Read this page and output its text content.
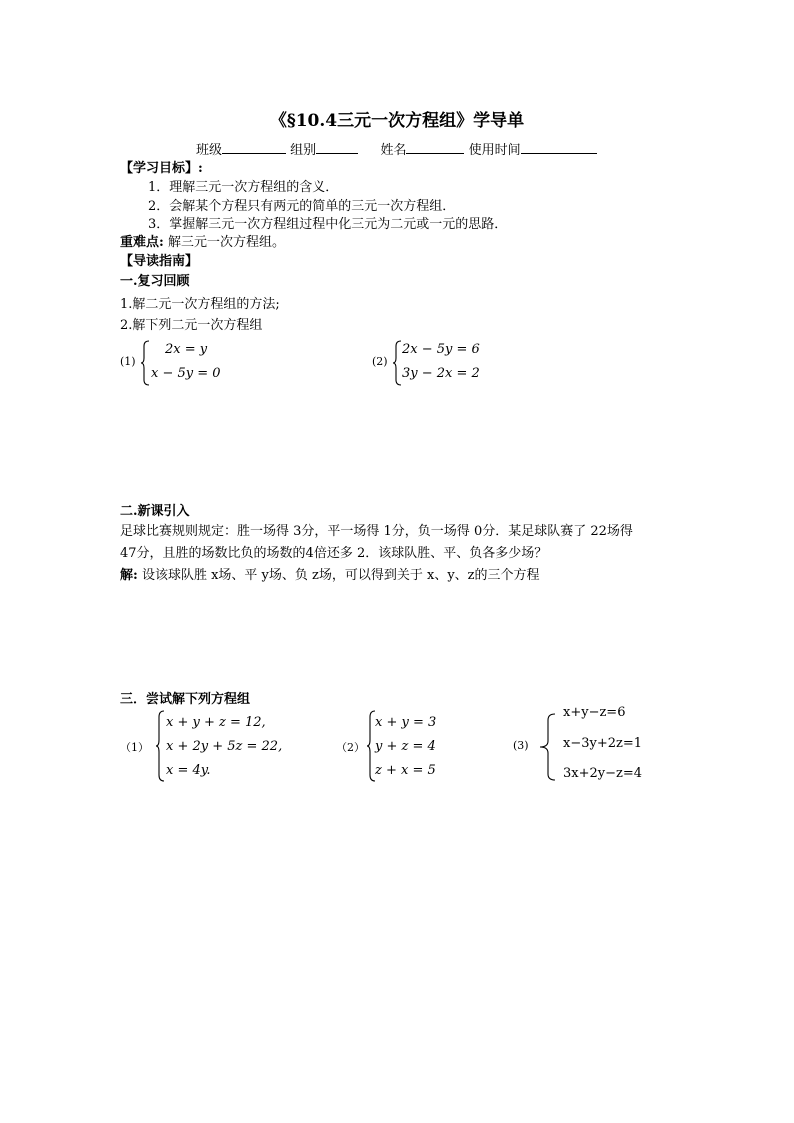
《§10.4三元一次方程组》学导单
班级	组别	姓名	使用时间
【学习目标】:
1．理解三元一次方程组的含义．
2．会解某个方程只有两元的简单的三元一次方程组．
3．掌握解三元一次方程组过程中化三元为二元或一元的思路．
重难点: 解三元一次方程组。
【导读指南】
一.复习回顾
1.解二元一次方程组的方法;
2.解下列二元一次方程组
(1)
2x = y
x − 5y = 0
(2)
2x − 5y = 6
3y − 2x = 2
二.新课引入
足球比赛规则规定：胜一场得 3分，平一场得 1分，负一场得 0分．某足球队赛了 22场得
47分，且胜的场数比负的场数的4倍还多 2．该球队胜、平、负各多少场？
解: 设该球队胜 x场、平 y场、负 z场，可以得到关于 x、y、z的三个方程
三．尝试解下列方程组
（1）
x + y + z = 12,
x + 2y + 5z = 22,
x = 4y.
（2）
x + y = 3
y + z = 4
z + x = 5
(3)
x+y−z=6
x−3y+2z=1
3x+2y−z=4
